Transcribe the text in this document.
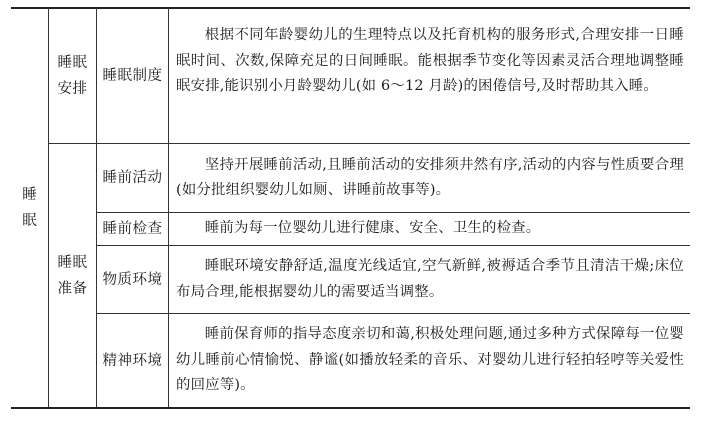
睡眠
睡眠安排
睡眠准备
睡眠制度
根据不同年龄婴幼儿的生理特点以及托育机构的服务形式,合理安排一日睡眠时间、次数,保障充足的日间睡眠。能根据季节变化等因素灵活合理地调整睡眠安排,能识别小月龄婴幼儿(如 6～12 月龄)的困倦信号,及时帮助其入睡。
睡前活动
坚持开展睡前活动,且睡前活动的安排须井然有序,活动的内容与性质要合理(如分批组织婴幼儿如厕、讲睡前故事等)。
睡前检查	睡前为每一位婴幼儿进行健康、安全、卫生的检查。
物质环境
睡眠环境安静舒适,温度光线适宜,空气新鲜,被褥适合季节且清洁干燥;床位布局合理,能根据婴幼儿的需要适当调整。
精神环境
睡前保育师的指导态度亲切和蔼,积极处理问题,通过多种方式保障每一位婴幼儿睡前心情愉悦、静谧(如播放轻柔的音乐、对婴幼儿进行轻拍轻哼等关爱性的回应等)。
